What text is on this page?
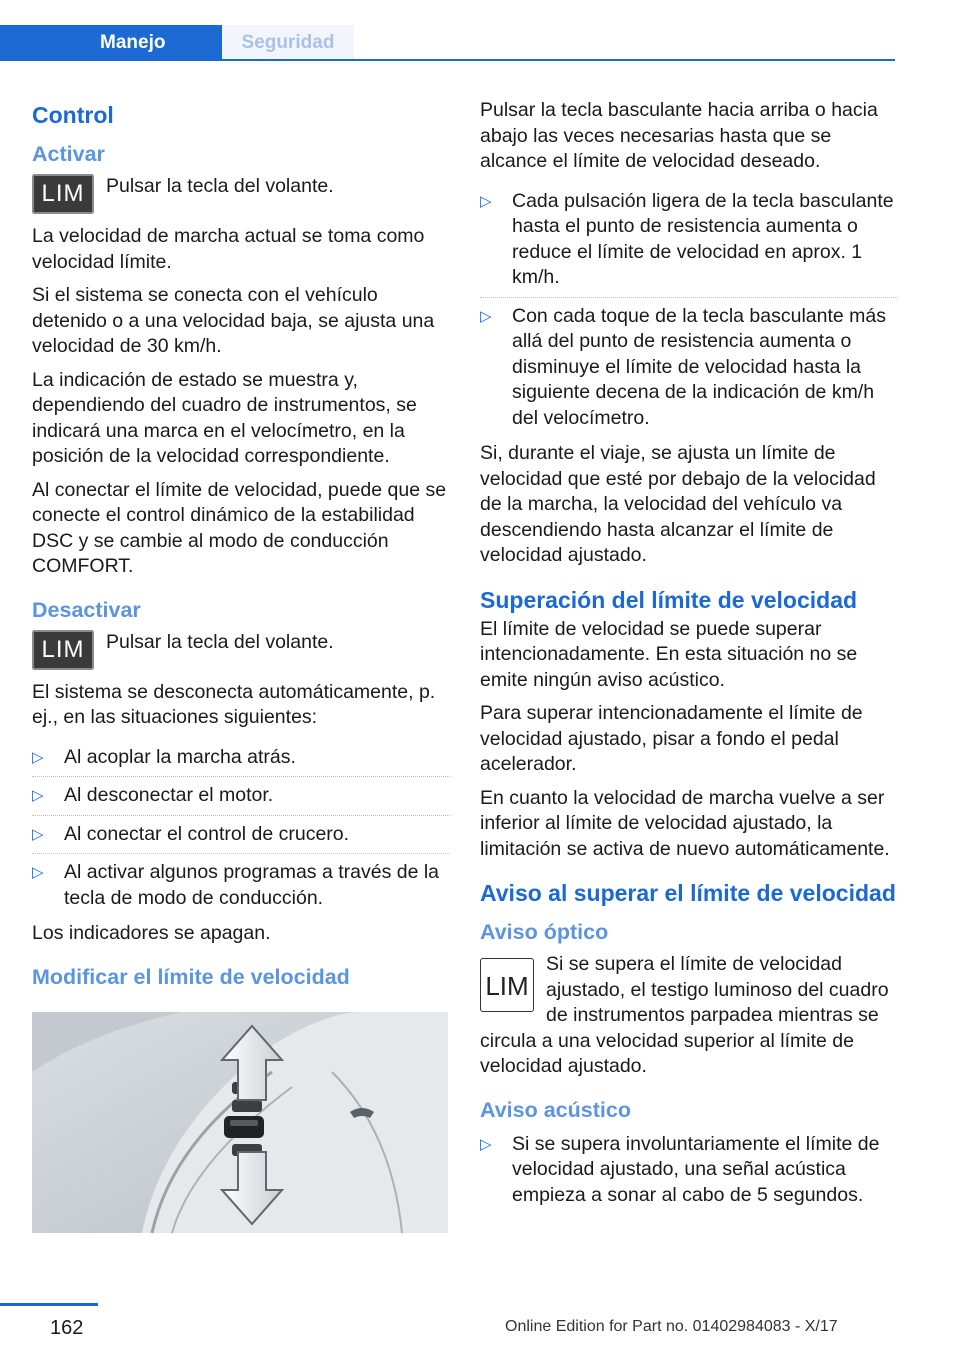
Manejo	Seguridad
Control
Activar
LIM	Pulsar la tecla del volante.

La velocidad de marcha actual se toma como velocidad límite.

Si el sistema se conecta con el vehículo detenido o a una velocidad baja, se ajusta una velocidad de 30 km/h.

La indicación de estado se muestra y, dependiendo del cuadro de instrumentos, se indicará una marca en el velocímetro, en la posición de la velocidad correspondiente.

Al conectar el límite de velocidad, puede que se conecte el control dinámico de la estabilidad DSC y se cambie al modo de conducción COMFORT.

Desactivar
LIM	Pulsar la tecla del volante.

El sistema se desconecta automáticamente, p. ej., en las situaciones siguientes:

▷ Al acoplar la marcha atrás.
▷ Al desconectar el motor.
▷ Al conectar el control de crucero.
▷ Al activar algunos programas a través de la tecla de modo de conducción.

Los indicadores se apagan.

Modificar el límite de velocidad

Pulsar la tecla basculante hacia arriba o hacia abajo las veces necesarias hasta que se alcance el límite de velocidad deseado.

▷ Cada pulsación ligera de la tecla basculante hasta el punto de resistencia aumenta o reduce el límite de velocidad en aprox. 1 km/h.
▷ Con cada toque de la tecla basculante más allá del punto de resistencia aumenta o disminuye el límite de velocidad hasta la siguiente decena de la indicación de km/h del velocímetro.

Si, durante el viaje, se ajusta un límite de velocidad que esté por debajo de la velocidad de la marcha, la velocidad del vehículo va descendiendo hasta alcanzar el límite de velocidad ajustado.

Superación del límite de velocidad

El límite de velocidad se puede superar intencionadamente. En esta situación no se emite ningún aviso acústico.

Para superar intencionadamente el límite de velocidad ajustado, pisar a fondo el pedal acelerador.

En cuanto la velocidad de marcha vuelve a ser inferior al límite de velocidad ajustado, la limitación se activa de nuevo automáticamente.

Aviso al superar el límite de velocidad
Aviso óptico
LIM

Si se supera el límite de velocidad ajustado, el testigo luminoso del cuadro de instrumentos parpadea mientras se circula a una velocidad superior al límite de velocidad ajustado.

Aviso acústico
▷ Si se supera involuntariamente el límite de velocidad ajustado, una señal acústica empieza a sonar al cabo de 5 segundos.
162	Online Edition for Part no. 01402984083 - X/17
